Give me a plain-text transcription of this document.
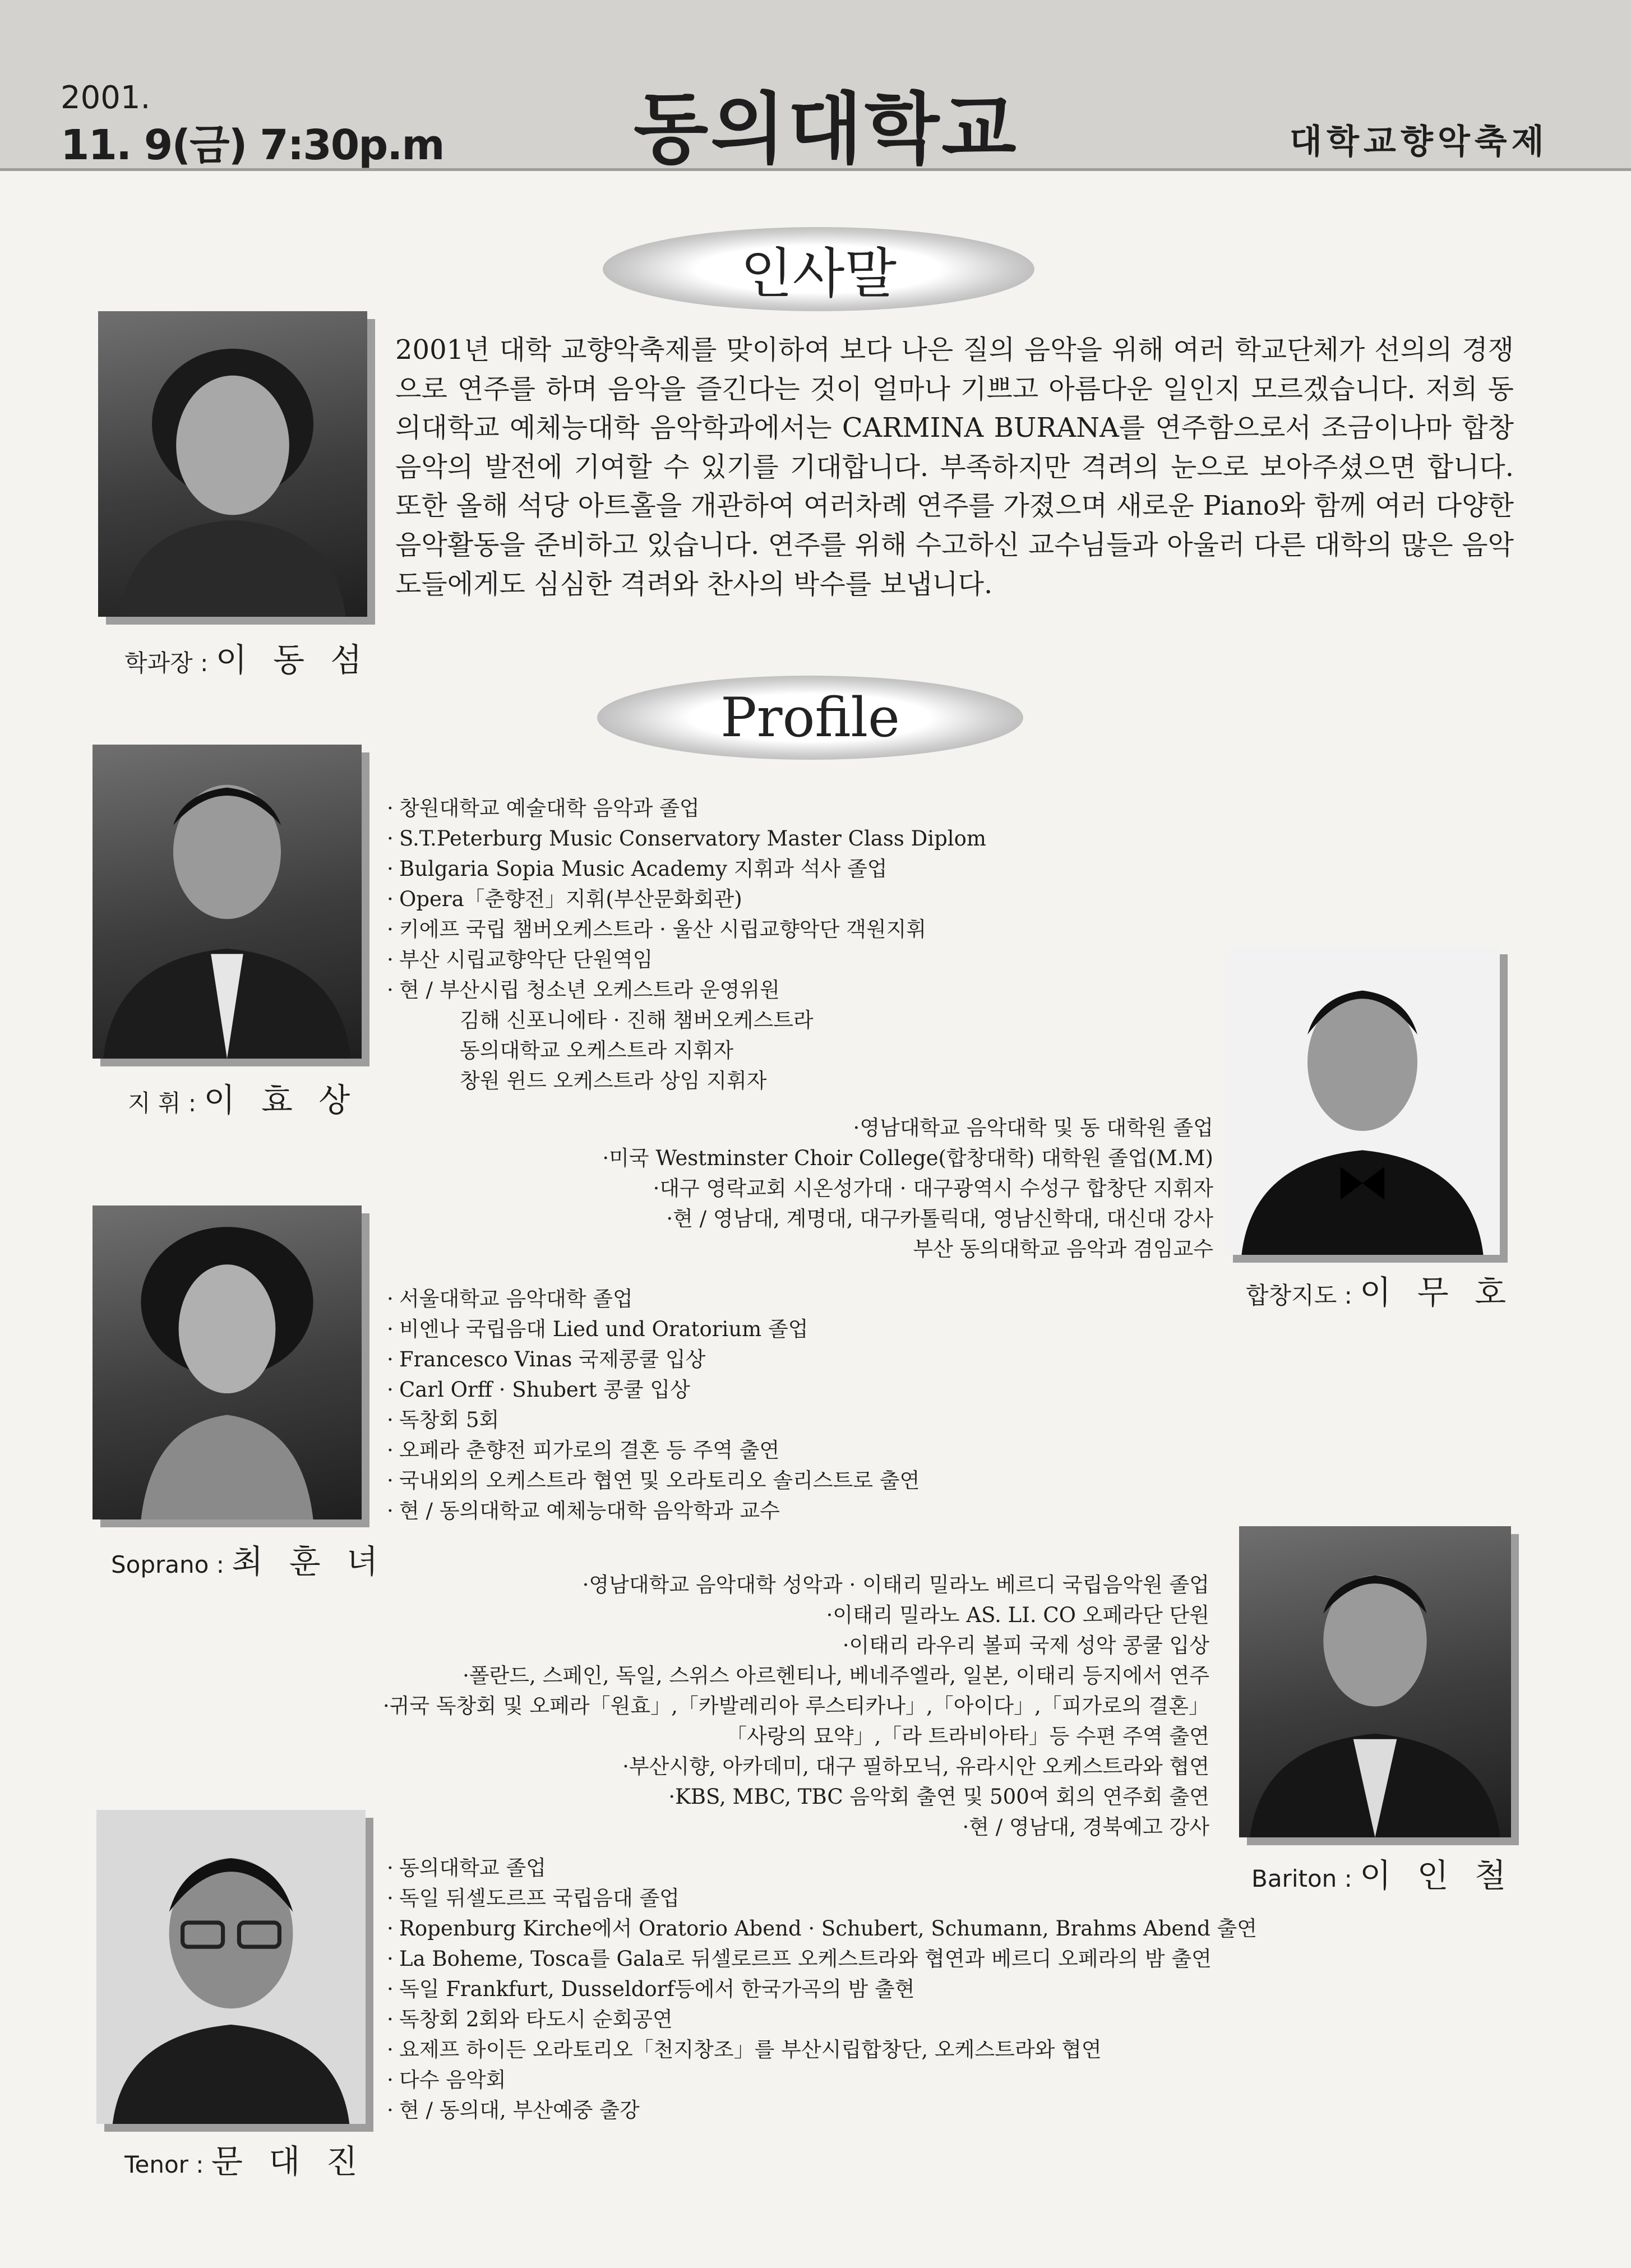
2001.
11. 9(금) 7:30p.m 동의대학교	대학교향악축제
인사말

2001년 대학 교향악축제를 맞이하여 보다 나은 질의 음악을 위해 여러 학교단체가 선의의 경쟁으로 연주를 하며 음악을 즐긴다는 것이 얼마나 기쁘고 아름다운 일인지 모르겠습니다. 저희 동의대학교 예체능대학 음악학과에서는 CARMINA BURANA를 연주함으로서 조금이나마 합창음악의 발전에 기여할 수 있기를 기대합니다. 부족하지만 격려의 눈으로 보아주셨으면 합니다. 또한 올해 석당 아트홀을 개관하여 여러차례 연주를 가졌으며 새로운 Piano와 함께 여러 다양한 음악활동을 준비하고 있습니다. 연주를 위해 수고하신 교수님들과 아울러 다른 대학의 많은 음악도들에게도 심심한 격려와 찬사의 박수를 보냅니다.

학과장 : 이 동 섬
Profile
지 휘 : 이 효 상
· 창원대학교 예술대학 음악과 졸업
· S.T.Peterburg Music Conservatory Master Class Diplom
· Bulgaria Sopia Music Academy 지휘과 석사 졸업
· Opera「춘향전」지휘(부산문화회관)
· 키에프 국립 챔버오케스트라 · 울산 시립교향악단 객원지휘
· 부산 시립교향악단 단원역임
· 현 / 부산시립 청소년 오케스트라 운영위원
김해 신포니에타 · 진해 챔버오케스트라
동의대학교 오케스트라 지휘자
창원 윈드 오케스트라 상임 지휘자
· 영남대학교 음악대학 및 동 대학원 졸업
· 미국 Westminster Choir College(합창대학) 대학원 졸업(M.M)
· 대구 영락교회 시온성가대 · 대구광역시 수성구 합창단 지휘자
· 현 / 영남대, 계명대, 대구카톨릭대, 영남신학대, 대신대 강사
부산 동의대학교 음악과 겸임교수
합창지도 : 이 무 호
· 서울대학교 음악대학 졸업
· 비엔나 국립음대 Lied und Oratorium 졸업
· Francesco Vinas 국제콩쿨 입상
· Carl Orff · Shubert 콩쿨 입상
· 독창회 5회
· 오페라 춘향전 피가로의 결혼 등 주역 출연
· 국내외의 오케스트라 협연 및 오라토리오 솔리스트로 출연
· 현 / 동의대학교 예체능대학 음악학과 교수
Soprano : 최 훈 녀
· 영남대학교 음악대학 성악과 · 이태리 밀라노 베르디 국립음악원 졸업
· 이태리 밀라노 AS. LI. CO 오페라단 단원
· 이태리 라우리 볼피 국제 성악 콩쿨 입상
· 폴란드, 스페인, 독일, 스위스 아르헨티나, 베네주엘라, 일본, 이태리 등지에서 연주
· 귀국 독창회 및 오페라「원효」,「카발레리아 루스티카나」,「아이다」,「피가로의 결혼」
「사랑의 묘약」,「라 트라비아타」등 수편 주역 출연
· 부산시향, 아카데미, 대구 필하모닉, 유라시안 오케스트라와 협연
· KBS, MBC, TBC 음악회 출연 및 500여 회의 연주회 출연
· 현 / 영남대, 경북예고 강사
Bariton : 이 인 철
· 동의대학교 졸업
· 독일 뒤셀도르프 국립음대 졸업
· Ropenburg Kirche에서 Oratorio Abend · Schubert, Schumann, Brahms Abend 출연
· La Boheme, Tosca를 Gala로 뒤셀로르프 오케스트라와 협연과 베르디 오페라의 밤 출연
· 독일 Frankfurt, Dusseldorf등에서 한국가곡의 밤 출현
· 독창회 2회와 타도시 순회공연
· 요제프 하이든 오라토리오「천지창조」를 부산시립합창단, 오케스트라와 협연
· 다수 음악회
· 현 / 동의대, 부산예중 출강
Tenor : 문 대 진
